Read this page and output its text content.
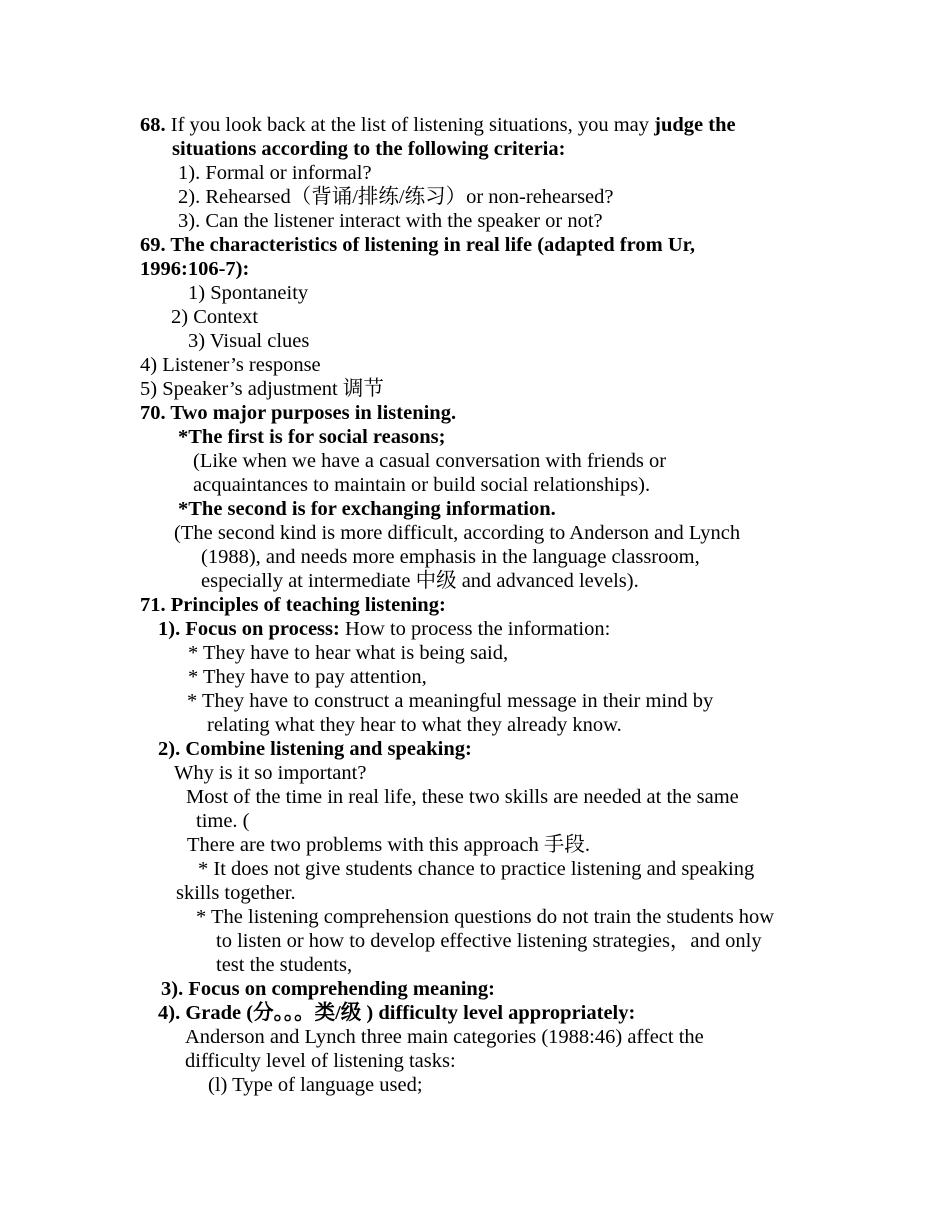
68. If you look back at the list of listening situations, you may judge the
situations according to the following criteria:
1). Formal or informal?
2). Rehearsed（背诵/排练/练习）or non-rehearsed?
3). Can the listener interact with the speaker or not?
69. The characteristics of listening in real life (adapted from Ur,
1996:106-7):
1) Spontaneity
2) Context
3) Visual clues
4) Listener’s response
5) Speaker’s adjustment 调节
70. Two major purposes in listening.
*The first is for social reasons;
(Like when we have a casual conversation with friends or
acquaintances to maintain or build social relationships).
*The second is for exchanging information.
(The second kind is more difficult, according to Anderson and Lynch
(1988), and needs more emphasis in the language classroom,
especially at intermediate 中级 and advanced levels).
71. Principles of teaching listening:
1). Focus on process: How to process the information:
* They have to hear what is being said,
* They have to pay attention,
* They have to construct a meaningful message in their mind by
relating what they hear to what they already know.
2). Combine listening and speaking:
Why is it so important?
Most of the time in real life, these two skills are needed at the same
time. (
There are two problems with this approach 手段.
* It does not give students chance to practice listening and speaking
skills together.
* The listening comprehension questions do not train the students how
to listen or how to develop effective listening strategies，and only
test the students,
3). Focus on comprehending meaning:
4). Grade (分。。。类/级 ) difficulty level appropriately:
Anderson and Lynch three main categories (1988:46) affect the
difficulty level of listening tasks:
(l) Type of language used;
